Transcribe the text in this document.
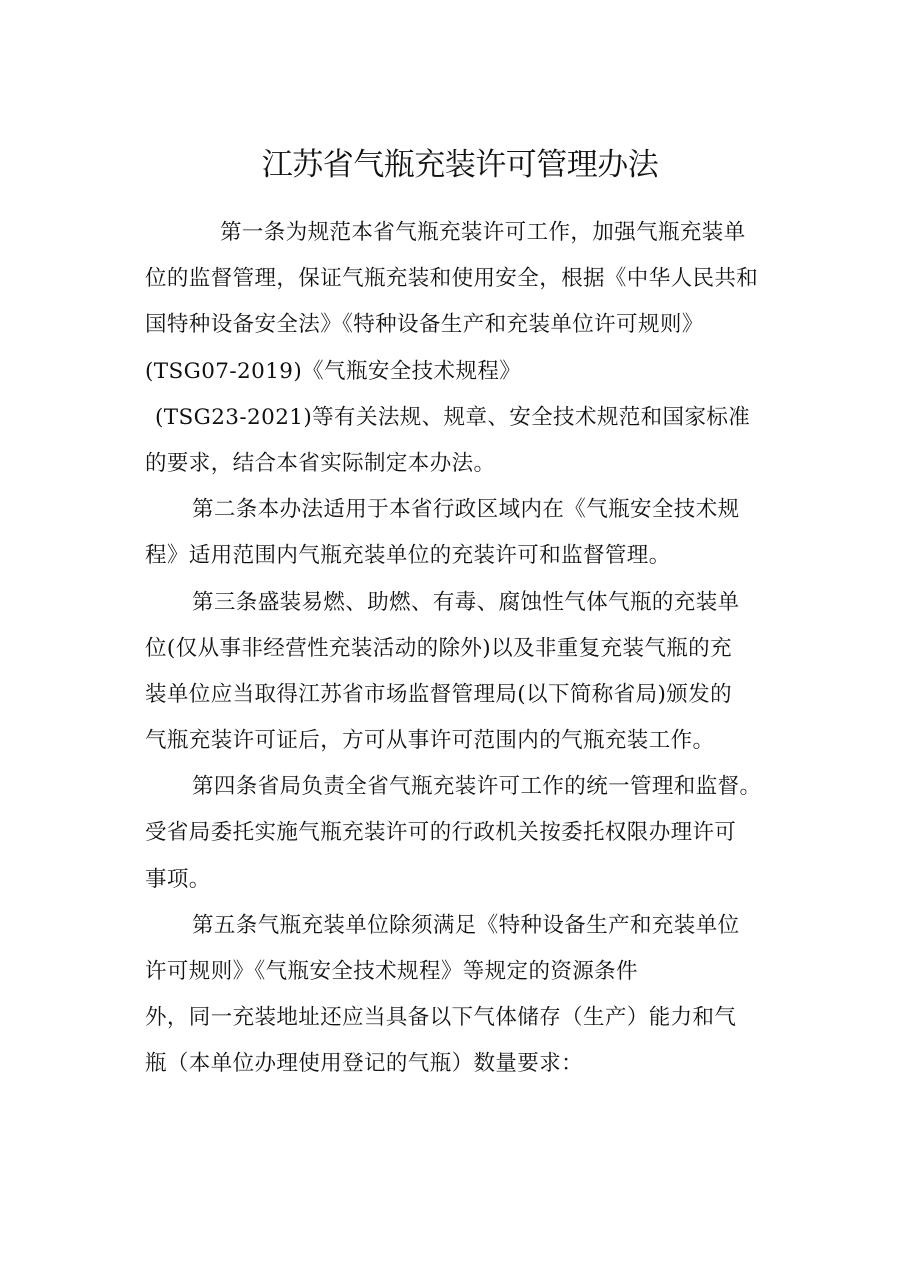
江苏省气瓶充装许可管理办法
第一条为规范本省气瓶充装许可工作，加强气瓶充装单
位的监督管理，保证气瓶充装和使用安全，根据《中华人民共和
国特种设备安全法》《特种设备生产和充装单位许可规则》
(TSG07-2019)《气瓶安全技术规程》
(TSG23-2021)等有关法规、规章、安全技术规范和国家标准
的要求，结合本省实际制定本办法。
第二条本办法适用于本省行政区域内在《气瓶安全技术规
程》适用范围内气瓶充装单位的充装许可和监督管理。
第三条盛装易燃、助燃、有毒、腐蚀性气体气瓶的充装单
位(仅从事非经营性充装活动的除外)以及非重复充装气瓶的充
装单位应当取得江苏省市场监督管理局(以下简称省局)颁发的
气瓶充装许可证后，方可从事许可范围内的气瓶充装工作。
第四条省局负责全省气瓶充装许可工作的统一管理和监督。
受省局委托实施气瓶充装许可的行政机关按委托权限办理许可
事项。
第五条气瓶充装单位除须满足《特种设备生产和充装单位
许可规则》《气瓶安全技术规程》等规定的资源条件
外，同一充装地址还应当具备以下气体储存（生产）能力和气
瓶（本单位办理使用登记的气瓶）数量要求：
